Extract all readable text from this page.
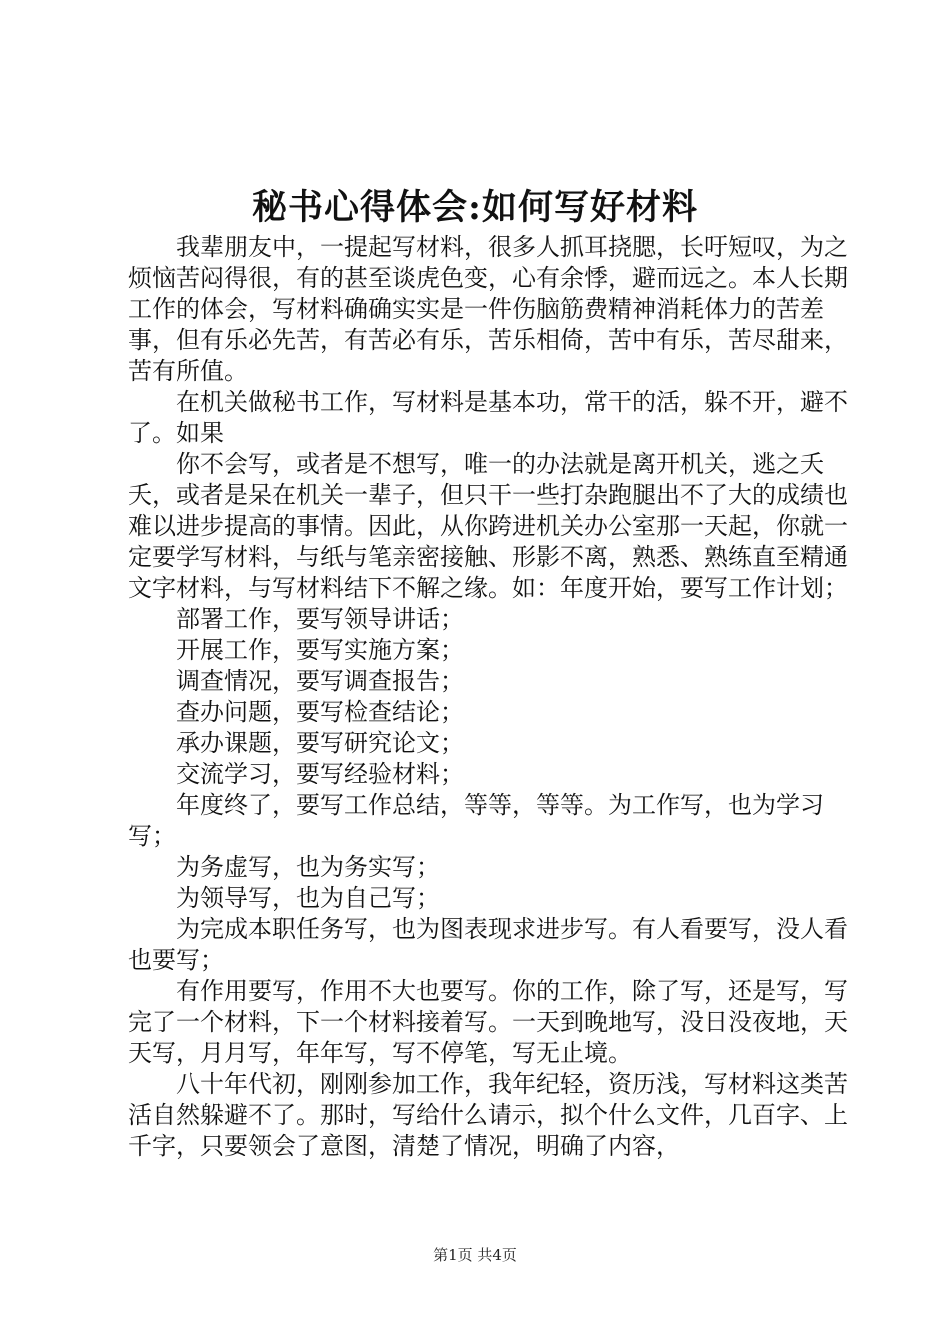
秘书心得体会:如何写好材料

我辈朋友中，一提起写材料，很多人抓耳挠腮，长吁短叹，为之烦恼苦闷得很，有的甚至谈虎色变，心有余悸，避而远之。本人长期工作的体会，写材料确确实实是一件伤脑筋费精神消耗体力的苦差事，但有乐必先苦，有苦必有乐，苦乐相倚，苦中有乐，苦尽甜来，苦有所值。

在机关做秘书工作，写材料是基本功，常干的活，躲不开，避不了。如果

你不会写，或者是不想写，唯一的办法就是离开机关，逃之夭夭，或者是呆在机关一辈子，但只干一些打杂跑腿出不了大的成绩也难以进步提高的事情。因此，从你跨进机关办公室那一天起，你就一定要学写材料，与纸与笔亲密接触、形影不离，熟悉、熟练直至精通文字材料，与写材料结下不解之缘。如：年度开始，要写工作计划；

部署工作，要写领导讲话；

开展工作，要写实施方案；

调查情况，要写调查报告；

查办问题，要写检查结论；

承办课题，要写研究论文；

交流学习，要写经验材料；

年度终了，要写工作总结，等等，等等。为工作写，也为学习写；

为务虚写，也为务实写；

为领导写，也为自己写；

为完成本职任务写，也为图表现求进步写。有人看要写，没人看也要写；

有作用要写，作用不大也要写。你的工作，除了写，还是写，写完了一个材料，下一个材料接着写。一天到晚地写，没日没夜地，天天写，月月写，年年写，写不停笔，写无止境。

八十年代初，刚刚参加工作，我年纪轻，资历浅，写材料这类苦活自然躲避不了。那时，写给什么请示，拟个什么文件，几百字、上千字，只要领会了意图，清楚了情况，明确了内容，

第1页 共4页
